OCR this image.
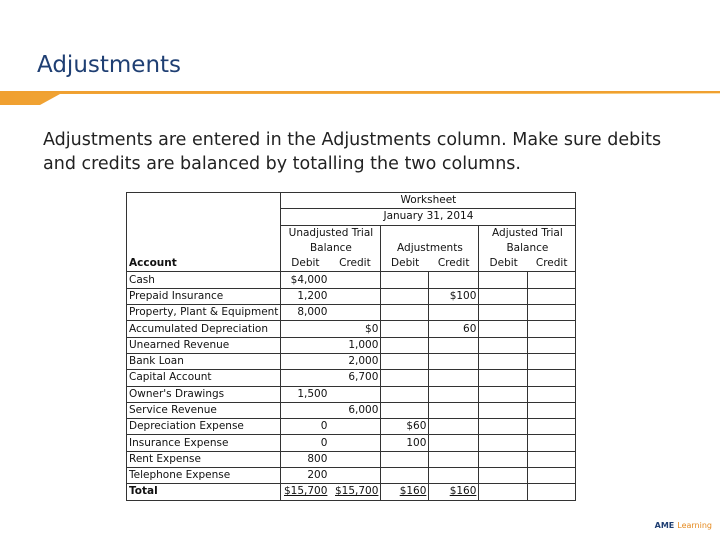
Adjustments
Adjustments are entered in the Adjustments column. Make sure debits and credits are balanced by totalling the two columns.
	Worksheet					
	January 31, 2014					
	Unadjusted Trial				Adjusted Trial	
	Balance		Adjustments		Balance	
Account	Debit	Credit	Debit	Credit	Debit	Credit
Cash	$4,000					
Prepaid Insurance	1,200			$100		
Property, Plant & Equipment	8,000					
Accumulated Depreciation		$0		60		
Unearned Revenue		1,000				
Bank Loan		2,000				
Capital Account		6,700				
Owner's Drawings	1,500					
Service Revenue		6,000				
Depreciation Expense	0		$60			
Insurance Expense	0		100			
Rent Expense	800					
Telephone Expense	200					
Total	$15,700	$15,700	$160	$160		
AME Learning
